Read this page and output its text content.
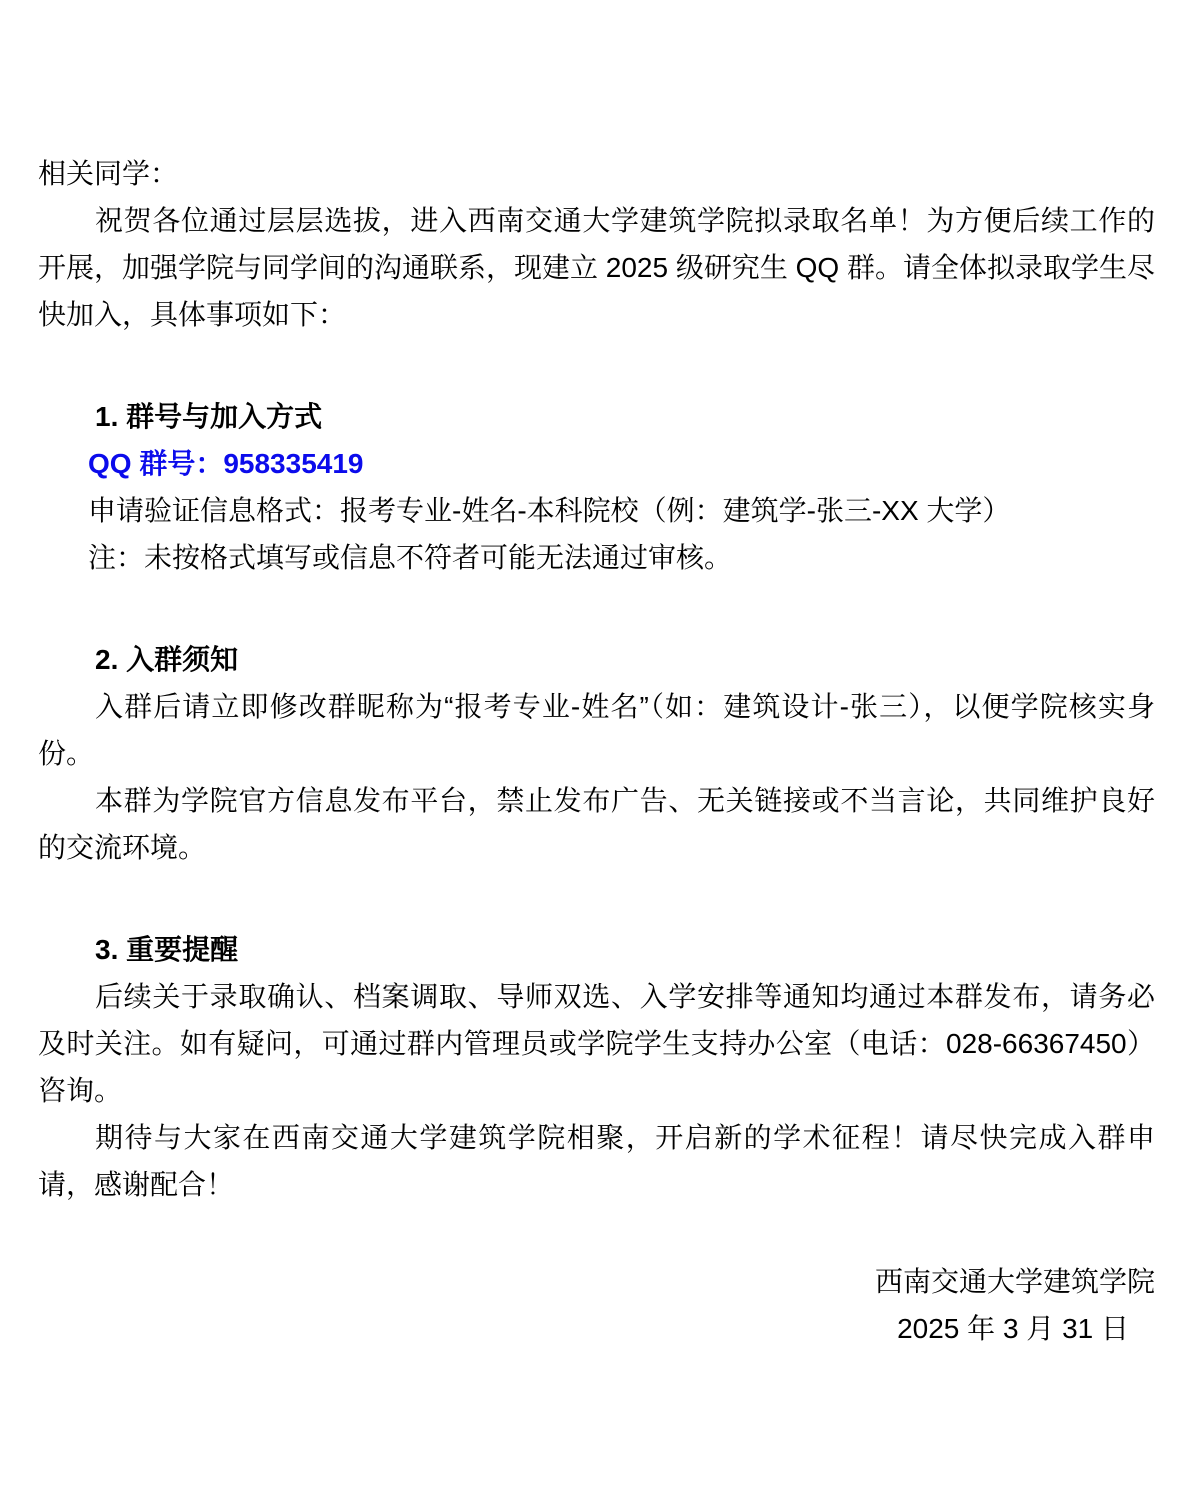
相关同学：

祝贺各位通过层层选拔，进入西南交通大学建筑学院拟录取名单！为方便后续工作的开展，加强学院与同学间的沟通联系，现建立 2025 级研究生 QQ 群。请全体拟录取学生尽快加入，具体事项如下：

1. 群号与加入方式

QQ 群号：958335419

申请验证信息格式：报考专业-姓名-本科院校（例：建筑学-张三-XX 大学）

注：未按格式填写或信息不符者可能无法通过审核。

2. 入群须知

入群后请立即修改群昵称为“报考专业-姓名”（如：建筑设计-张三），以便学院核实身份。

本群为学院官方信息发布平台，禁止发布广告、无关链接或不当言论，共同维护良好的交流环境。

3. 重要提醒

后续关于录取确认、档案调取、导师双选、入学安排等通知均通过本群发布，请务必及时关注。如有疑问，可通过群内管理员或学院学生支持办公室（电话：028-66367450）咨询。

期待与大家在西南交通大学建筑学院相聚，开启新的学术征程！请尽快完成入群申请，感谢配合！

西南交通大学建筑学院

2025 年 3 月 31 日
